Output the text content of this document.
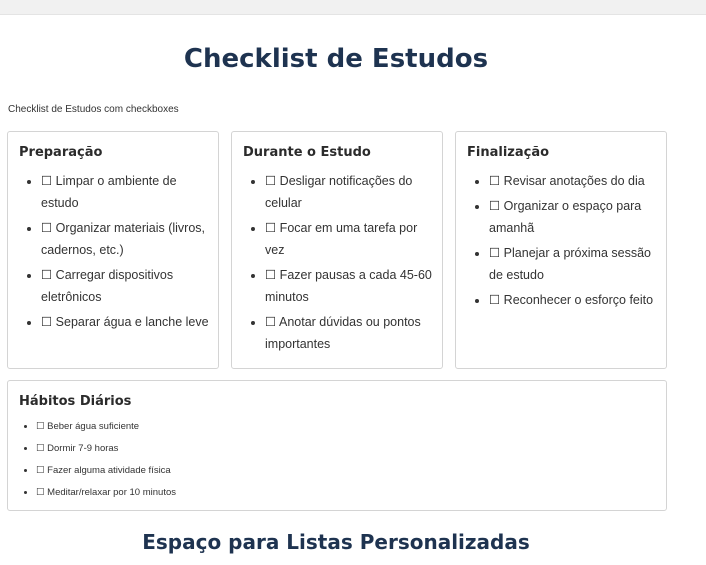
Checklist de Estudos

Checklist de Estudos com checkboxes

Preparação
• ☐ Limpar o ambiente de estudo
• ☐ Organizar materiais (livros, cadernos, etc.)
• ☐ Carregar dispositivos eletrônicos
• ☐ Separar água e lanche leve
Durante o Estudo
• ☐ Desligar notificações do celular
• ☐ Focar em uma tarefa por vez
• ☐ Fazer pausas a cada 45-60 minutos
• ☐ Anotar dúvidas ou pontos importantes
Finalização
• ☐ Revisar anotações do dia
• ☐ Organizar o espaço para amanhã
• ☐ Planejar a próxima sessão de estudo
• ☐ Reconhecer o esforço feito
Hábitos Diários
• ☐ Beber água suficiente
• ☐ Dormir 7-9 horas
• ☐ Fazer alguma atividade física
• ☐ Meditar/relaxar por 10 minutos
Espaço para Listas Personalizadas
